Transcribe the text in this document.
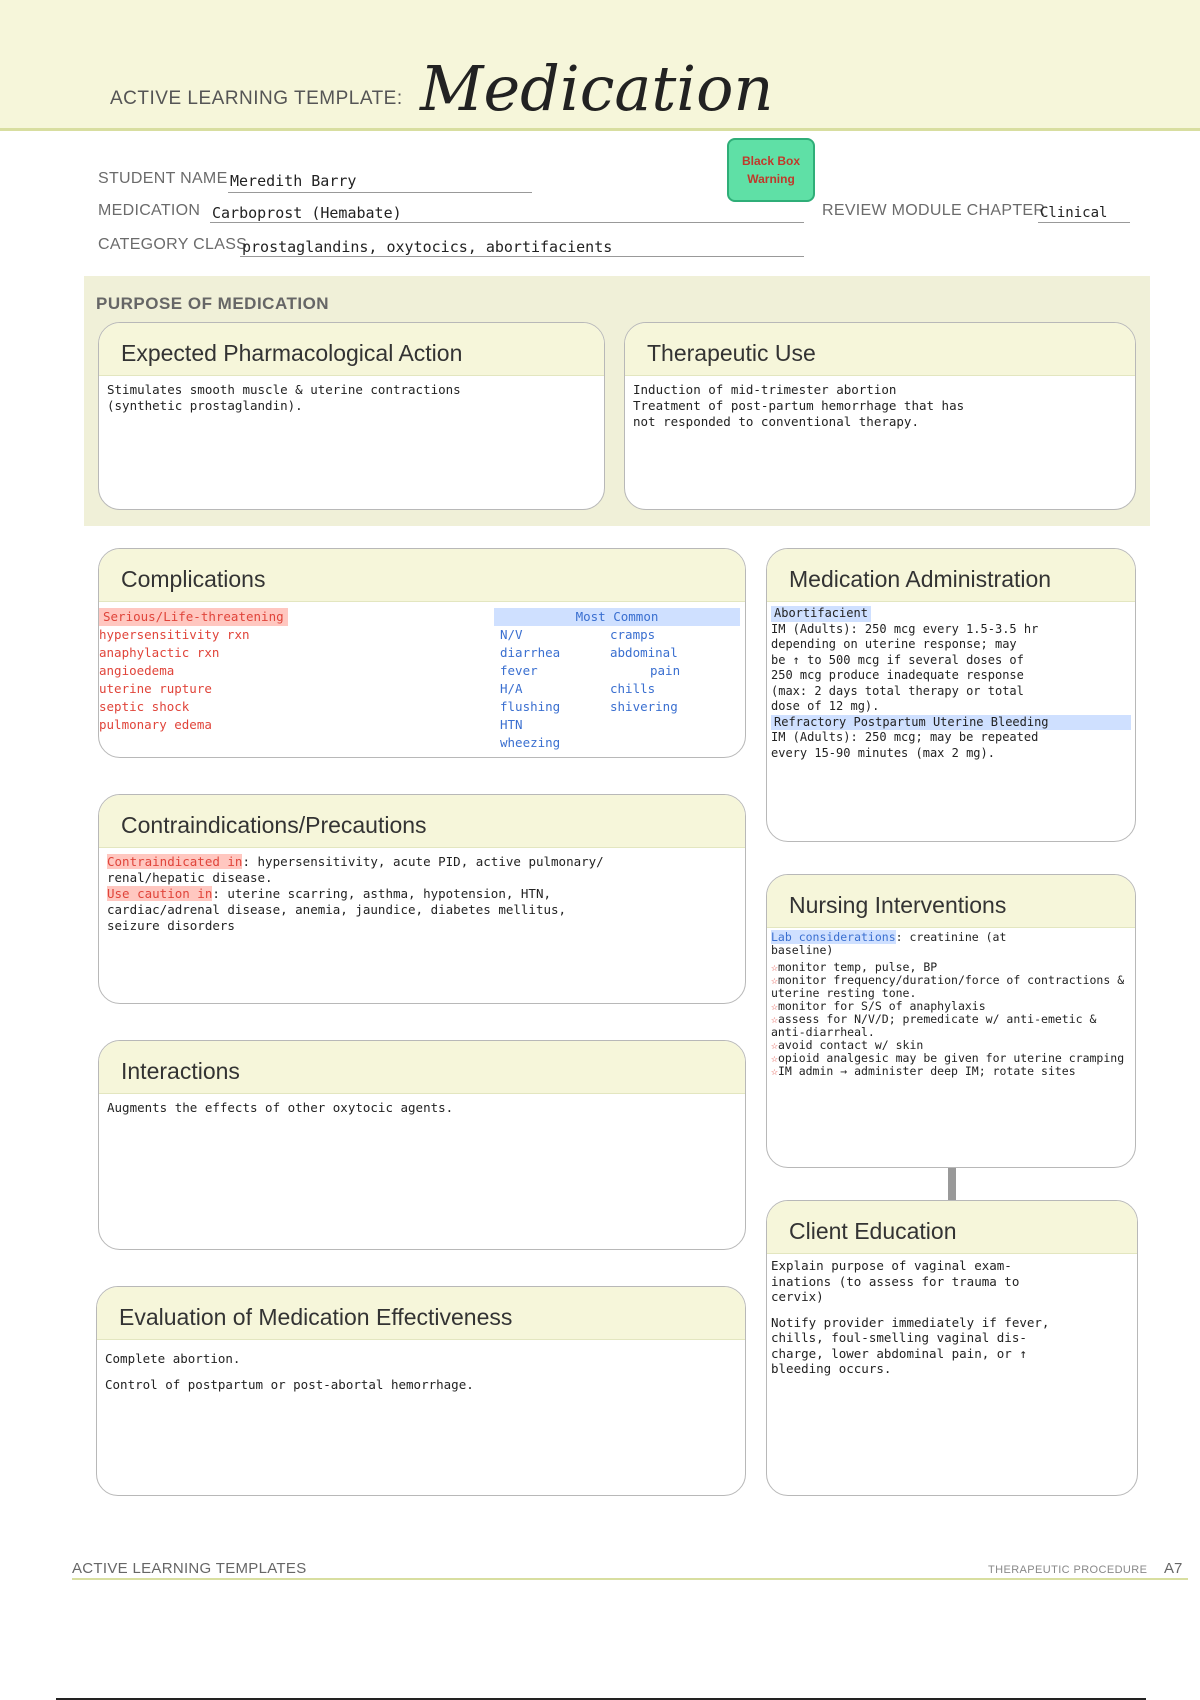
ACTIVE LEARNING TEMPLATE: Medication
Black Box
Warning
STUDENT NAME Meredith Barry
MEDICATION Carboprost (Hemabate)	REVIEW MODULE CHAPTER
Clinical
CATEGORY CLASS
prostaglandins, oxytocics, abortifacients
PURPOSE OF MEDICATION
Expected Pharmacological Action
Stimulates smooth muscle & uterine contractions
(synthetic prostaglandin).
Therapeutic Use
Induction of mid-trimester abortion
Treatment of post-partum hemorrhage that has
not responded to conventional therapy.
Complications
Serious/Life-threatening
hypersensitivity rxn
anaphylactic rxn
angioedema
uterine rupture
septic shock
pulmonary edema
Most Common
N/V
diarrhea
fever
H/A
flushing
HTN
wheezing
cramps
abdominal
pain
chills
shivering
Contraindications/Precautions
Contraindicated in: hypersensitivity, acute PID, active pulmonary/
renal/hepatic disease.
Use caution in: uterine scarring, asthma, hypotension, HTN,
cardiac/adrenal disease, anemia, jaundice, diabetes mellitus,
seizure disorders
Interactions
Augments the effects of other oxytocic agents.
Evaluation of Medication Effectiveness
Complete abortion.
Control of postpartum or post-abortal hemorrhage.
Medication Administration
Abortifacient
IM (Adults): 250 mcg every 1.5-3.5 hr
depending on uterine response; may
be ↑ to 500 mcg if several doses of
250 mcg produce inadequate response
(max: 2 days total therapy or total
dose of 12 mg).
Refractory Postpartum Uterine Bleeding
IM (Adults): 250 mcg; may be repeated
every 15-90 minutes (max 2 mg).
Nursing Interventions
Lab considerations: creatinine (at
baseline)
☆monitor temp, pulse, BP
☆monitor frequency/duration/force of contractions & uterine resting tone.
☆monitor for S/S of anaphylaxis
☆assess for N/V/D; premedicate w/ anti-emetic & anti-diarrheal.
☆avoid contact w/ skin
☆opioid analgesic may be given for uterine cramping
☆IM admin → administer deep IM; rotate sites
Client Education
Explain purpose of vaginal exam-
inations (to assess for trauma to
cervix)
Notify provider immediately if fever,
chills, foul-smelling vaginal dis-
charge, lower abdominal pain, or ↑
bleeding occurs.
ACTIVE LEARNING TEMPLATES	THERAPEUTIC PROCEDURE A7
